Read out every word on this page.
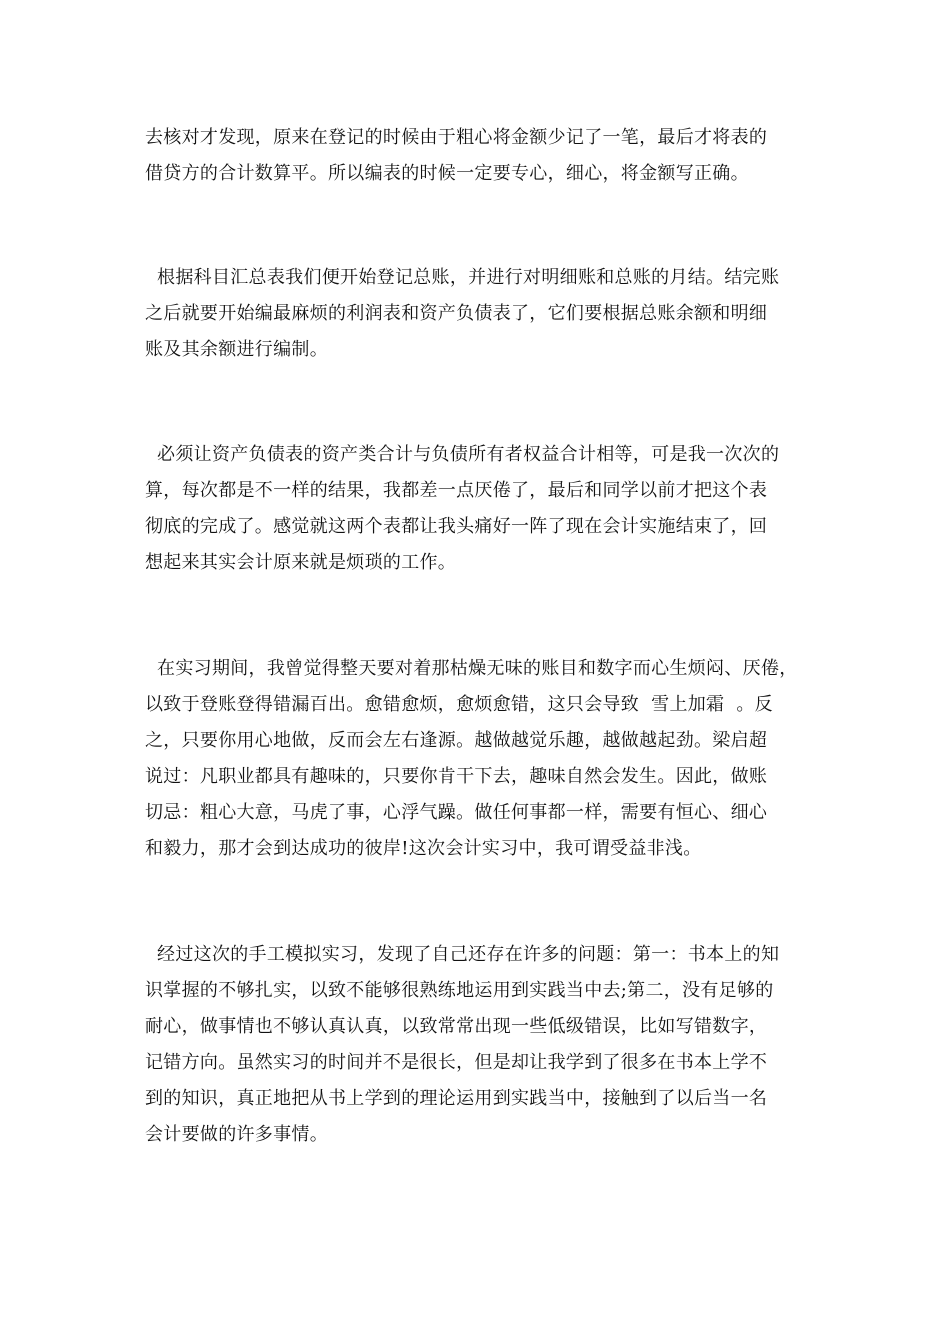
去核对才发现，原来在登记的时候由于粗心将金额少记了一笔，最后才将表的
借贷方的合计数算平。所以编表的时候一定要专心，细心，将金额写正确。
根据科目汇总表我们便开始登记总账，并进行对明细账和总账的月结。结完账
之后就要开始编最麻烦的利润表和资产负债表了，它们要根据总账余额和明细
账及其余额进行编制。
必须让资产负债表的资产类合计与负债所有者权益合计相等，可是我一次次的
算，每次都是不一样的结果，我都差一点厌倦了，最后和同学以前才把这个表
彻底的完成了。感觉就这两个表都让我头痛好一阵了现在会计实施结束了，回
想起来其实会计原来就是烦琐的工作。
在实习期间，我曾觉得整天要对着那枯燥无味的账目和数字而心生烦闷、厌倦，
以致于登账登得错漏百出。愈错愈烦，愈烦愈错，这只会导致  雪上加霜  。反
之，只要你用心地做，反而会左右逢源。越做越觉乐趣，越做越起劲。梁启超
说过：凡职业都具有趣味的，只要你肯干下去，趣味自然会发生。因此，做账
切忌：粗心大意，马虎了事，心浮气躁。做任何事都一样，需要有恒心、细心
和毅力，那才会到达成功的彼岸!这次会计实习中，我可谓受益非浅。
经过这次的手工模拟实习，发现了自己还存在许多的问题：第一：书本上的知
识掌握的不够扎实，以致不能够很熟练地运用到实践当中去;第二，没有足够的
耐心，做事情也不够认真认真，以致常常出现一些低级错误，比如写错数字，
记错方向。虽然实习的时间并不是很长，但是却让我学到了很多在书本上学不
到的知识，真正地把从书上学到的理论运用到实践当中，接触到了以后当一名
会计要做的许多事情。
